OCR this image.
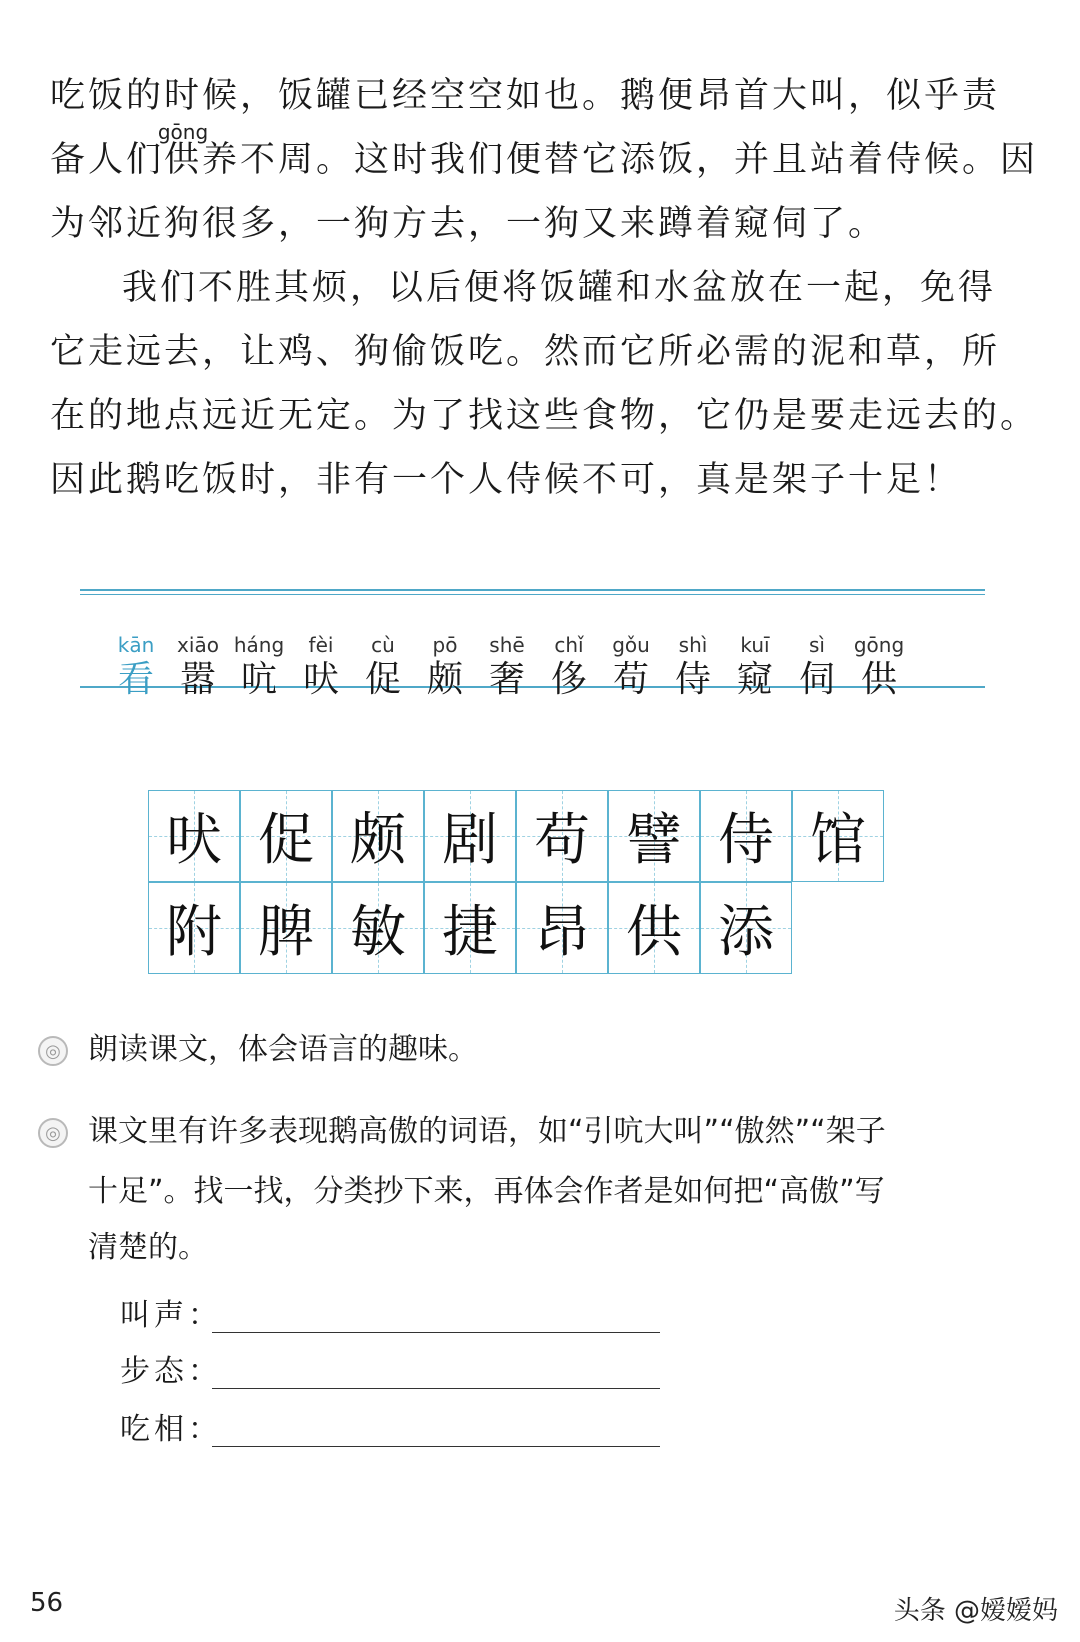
吃饭的时候，饭罐已经空空如也。鹅便昂首大叫，似乎责
备人们
gōng
供养不周。这时我们便替它添饭，并且站着侍候。因
为邻近狗很多，一狗方去，一狗又来蹲着窥伺了。
我们不胜其烦，以后便将饭罐和水盆放在一起，免得
它走远去，让鸡、狗偷饭吃。然而它所必需的泥和草，所
在的地点远近无定。为了找这些食物，它仍是要走远去的。
因此鹅吃饭时，非有一个人侍候不可，真是架子十足！
kān
看
xiāo
嚣
háng
吭
fèi
吠
cù
促
pō
颇
shē
奢
chǐ
侈
gǒu
苟
shì
侍
kuī
窥
sì
伺
gōng
供
吠 促 颇 剧 苟 譬 侍 馆
附 脾 敏 捷 昂 供 添
◎ 朗读课文，体会语言的趣味。
◎ 课文里有许多表现鹅高傲的词语，如“引吭大叫”“傲然”“架子
十足”。找一找，分类抄下来，再体会作者是如何把“高傲”写
清楚的。
叫声：
步态：
吃相：
56	头条 @嫒嫒妈
